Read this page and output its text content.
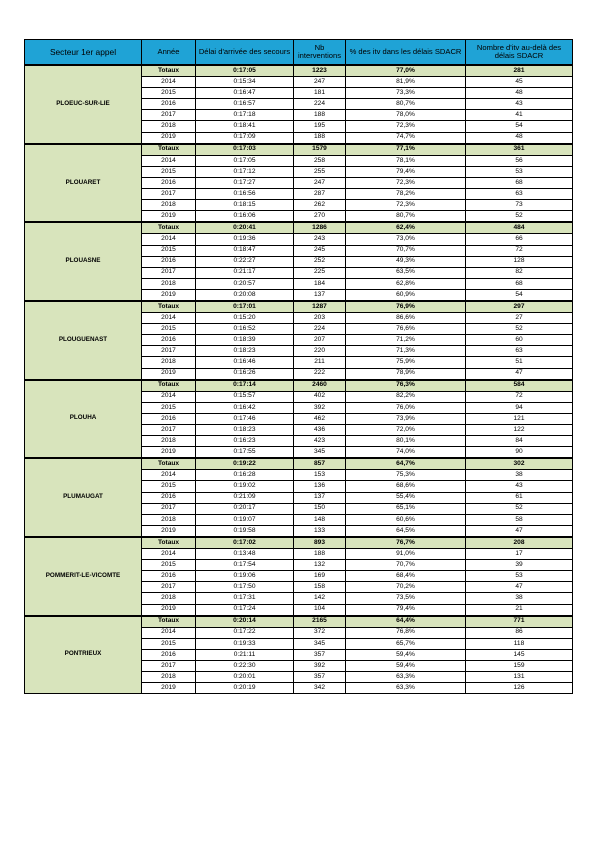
Secteur 1er appel	Année	Délai d'arrivée des secours	Nb interventions	% des itv dans les délais SDACR	Nombre d'itv au-delà des délais SDACR
PLOEUC-SUR-LIE	Totaux	0:17:05	1223	77,0%	281
	2014	0:15:34	247	81,9%	45
	2015	0:16:47	181	73,3%	48
	2016	0:16:57	224	80,7%	43
	2017	0:17:18	188	78,0%	41
	2018	0:18:41	195	72,3%	54
	2019	0:17:09	188	74,7%	48
PLOUARET	Totaux	0:17:03	1579	77,1%	361
	2014	0:17:05	258	78,1%	56
	2015	0:17:12	255	79,4%	53
	2016	0:17:27	247	72,3%	68
	2017	0:16:56	287	78,2%	63
	2018	0:18:15	262	72,3%	73
	2019	0:16:06	270	80,7%	52
PLOUASNE	Totaux	0:20:41	1286	62,4%	484
	2014	0:19:36	243	73,0%	66
	2015	0:18:47	245	70,7%	72
	2016	0:22:27	252	49,3%	128
	2017	0:21:17	225	63,5%	82
	2018	0:20:57	184	62,8%	68
	2019	0:20:08	137	60,9%	54
PLOUGUENAST	Totaux	0:17:01	1287	76,9%	297
	2014	0:15:20	203	86,6%	27
	2015	0:16:52	224	76,6%	52
	2016	0:18:39	207	71,2%	60
	2017	0:18:23	220	71,3%	63
	2018	0:16:46	211	75,9%	51
	2019	0:16:26	222	78,9%	47
PLOUHA	Totaux	0:17:14	2460	76,3%	584
	2014	0:15:57	402	82,2%	72
	2015	0:16:42	392	76,0%	94
	2016	0:17:46	462	73,9%	121
	2017	0:18:23	436	72,0%	122
	2018	0:16:23	423	80,1%	84
	2019	0:17:55	345	74,0%	90
PLUMAUGAT	Totaux	0:19:22	857	64,7%	302
	2014	0:16:28	153	75,3%	38
	2015	0:19:02	136	68,6%	43
	2016	0:21:09	137	55,4%	61
	2017	0:20:17	150	65,1%	52
	2018	0:19:07	148	60,6%	58
	2019	0:19:58	133	64,5%	47
POMMERIT-LE-VICOMTE	Totaux	0:17:02	893	76,7%	208
	2014	0:13:48	188	91,0%	17
	2015	0:17:54	132	70,7%	39
	2016	0:19:06	169	68,4%	53
	2017	0:17:50	158	70,2%	47
	2018	0:17:31	142	73,5%	38
	2019	0:17:24	104	79,4%	21
PONTRIEUX	Totaux	0:20:14	2165	64,4%	771
	2014	0:17:22	372	76,8%	86
	2015	0:19:33	345	65,7%	118
	2016	0:21:11	357	59,4%	145
	2017	0:22:30	392	59,4%	159
	2018	0:20:01	357	63,3%	131
	2019	0:20:19	342	63,3%	126
